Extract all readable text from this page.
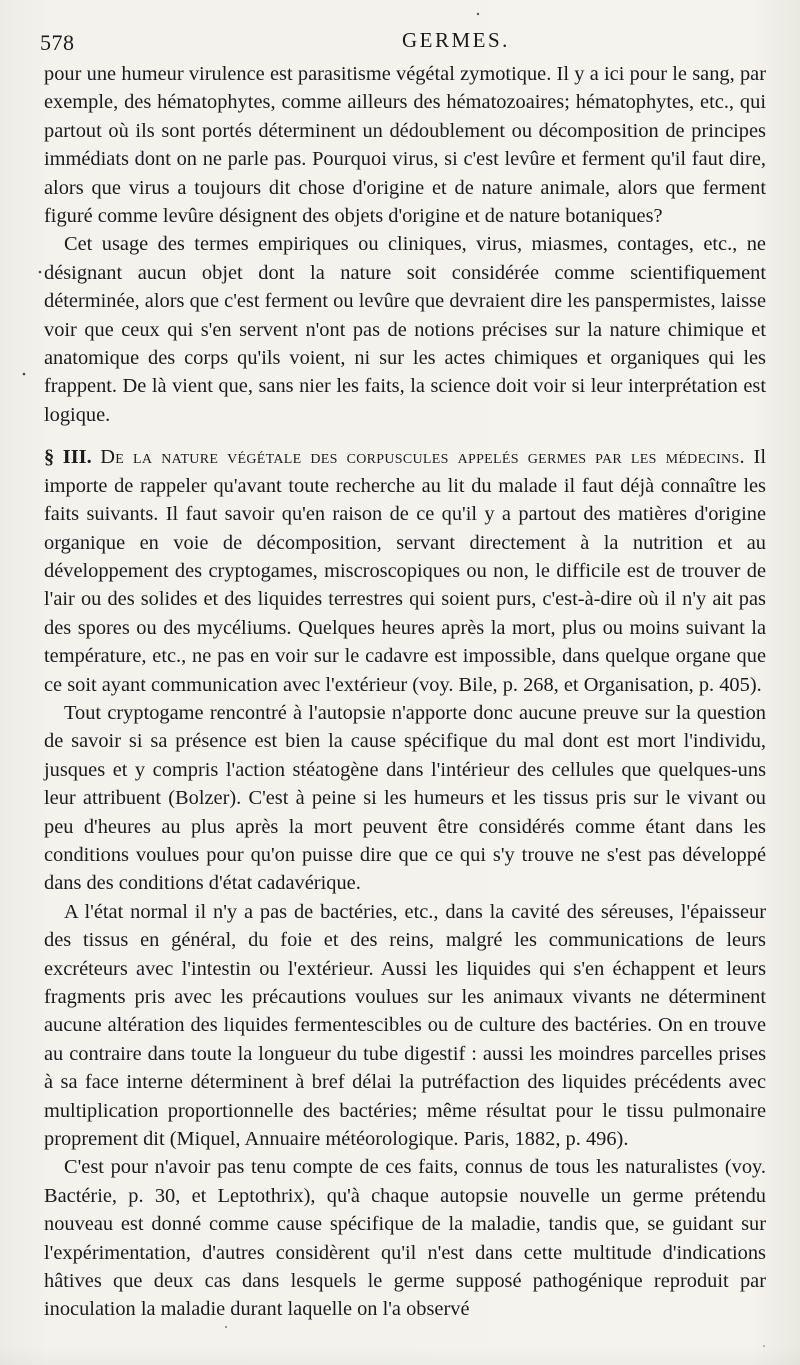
578	GERMES.

pour une humeur virulence est parasitisme végétal zymotique. Il y a ici pour le sang, par exemple, des hématophytes, comme ailleurs des hématozoaires; hématophytes, etc., qui partout où ils sont portés déterminent un dédoublement ou décomposition de principes immédiats dont on ne parle pas. Pourquoi virus, si c'est levûre et ferment qu'il faut dire, alors que virus a toujours dit chose d'origine et de nature animale, alors que ferment figuré comme levûre désignent des objets d'origine et de nature botaniques?

Cet usage des termes empiriques ou cliniques, virus, miasmes, contages, etc., ne désignant aucun objet dont la nature soit considérée comme scientifiquement déterminée, alors que c'est ferment ou levûre que devraient dire les panspermistes, laisse voir que ceux qui s'en servent n'ont pas de notions précises sur la nature chimique et anatomique des corps qu'ils voient, ni sur les actes chimiques et organiques qui les frappent. De là vient que, sans nier les faits, la science doit voir si leur interprétation est logique.

§ III. De la nature végétale des corpuscules appelés germes par les médecins. Il importe de rappeler qu'avant toute recherche au lit du malade il faut déjà connaître les faits suivants. Il faut savoir qu'en raison de ce qu'il y a partout des matières d'origine organique en voie de décomposition, servant directement à la nutrition et au développement des cryptogames, miscroscopiques ou non, le difficile est de trouver de l'air ou des solides et des liquides terrestres qui soient purs, c'est-à-dire où il n'y ait pas des spores ou des mycéliums. Quelques heures après la mort, plus ou moins suivant la température, etc., ne pas en voir sur le cadavre est impossible, dans quelque organe que ce soit ayant communication avec l'extérieur (voy. Bile, p. 268, et Organisation, p. 405).

Tout cryptogame rencontré à l'autopsie n'apporte donc aucune preuve sur la question de savoir si sa présence est bien la cause spécifique du mal dont est mort l'individu, jusques et y compris l'action stéatogène dans l'intérieur des cellules que quelques-uns leur attribuent (Bolzer). C'est à peine si les humeurs et les tissus pris sur le vivant ou peu d'heures au plus après la mort peuvent être considérés comme étant dans les conditions voulues pour qu'on puisse dire que ce qui s'y trouve ne s'est pas développé dans des conditions d'état cadavérique.

A l'état normal il n'y a pas de bactéries, etc., dans la cavité des séreuses, l'épaisseur des tissus en général, du foie et des reins, malgré les communications de leurs excréteurs avec l'intestin ou l'extérieur. Aussi les liquides qui s'en échappent et leurs fragments pris avec les précautions voulues sur les animaux vivants ne déterminent aucune altération des liquides fermentescibles ou de culture des bactéries. On en trouve au contraire dans toute la longueur du tube digestif : aussi les moindres parcelles prises à sa face interne déterminent à bref délai la putréfaction des liquides précédents avec multiplication proportionnelle des bactéries; même résultat pour le tissu pulmonaire proprement dit (Miquel, Annuaire météorologique. Paris, 1882, p. 496).

C'est pour n'avoir pas tenu compte de ces faits, connus de tous les naturalistes (voy. Bactérie, p. 30, et Leptothrix), qu'à chaque autopsie nouvelle un germe prétendu nouveau est donné comme cause spécifique de la maladie, tandis que, se guidant sur l'expérimentation, d'autres considèrent qu'il n'est dans cette multitude d'indications hâtives que deux cas dans lesquels le germe supposé pathogénique reproduit par inoculation la maladie durant laquelle on l'a observé
